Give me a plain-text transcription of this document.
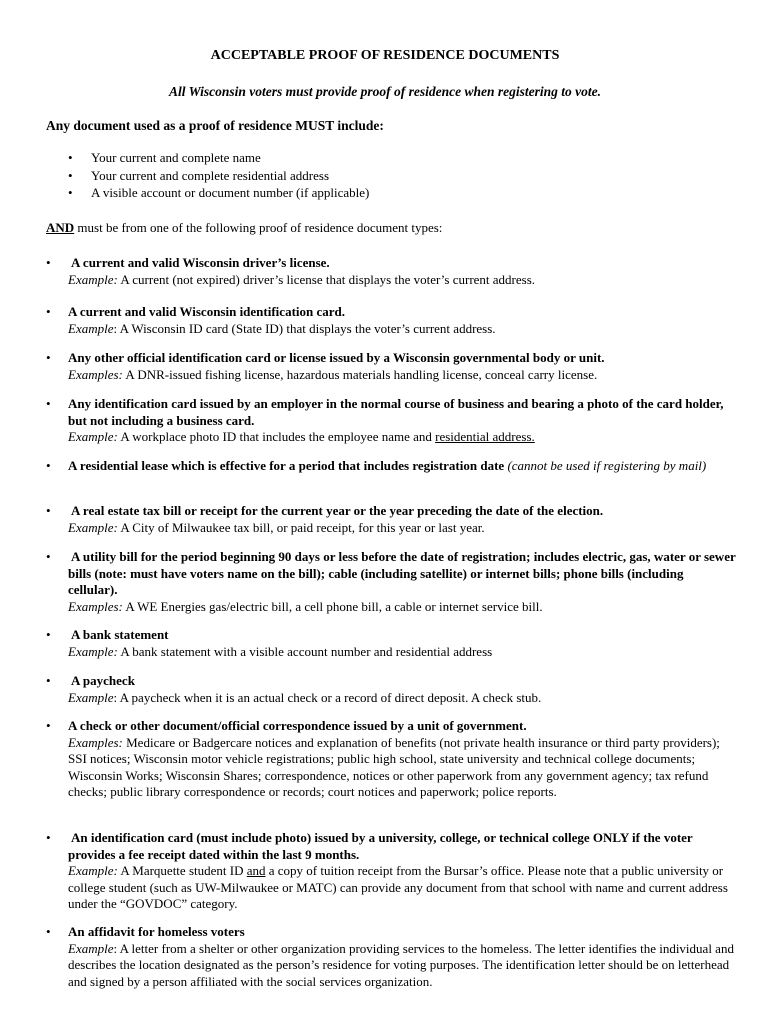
ACCEPTABLE PROOF OF RESIDENCE DOCUMENTS
All Wisconsin voters must provide proof of residence when registering to vote.
Any document used as a proof of residence MUST include:
• Your current and complete name
• Your current and complete residential address
• A visible account or document number (if applicable)
AND must be from one of the following proof of residence document types:
• A current and valid Wisconsin driver’s license.
Example: A current (not expired) driver’s license that displays the voter’s current address.
• A current and valid Wisconsin identification card.
Example: A Wisconsin ID card (State ID) that displays the voter’s current address.
• Any other official identification card or license issued by a Wisconsin governmental body or unit.
Examples: A DNR-issued fishing license, hazardous materials handling license, conceal carry license.
• Any identification card issued by an employer in the normal course of business and bearing a photo of the card holder, but not including a business card.
Example: A workplace photo ID that includes the employee name and residential address.
• A residential lease which is effective for a period that includes registration date (cannot be used if registering by mail)
• A real estate tax bill or receipt for the current year or the year preceding the date of the election.
Example: A City of Milwaukee tax bill, or paid receipt, for this year or last year.
• A utility bill for the period beginning 90 days or less before the date of registration; includes electric, gas, water or sewer bills (note: must have voters name on the bill); cable (including satellite) or internet bills; phone bills (including cellular).
Examples: A WE Energies gas/electric bill, a cell phone bill, a cable or internet service bill.
• A bank statement
Example: A bank statement with a visible account number and residential address
• A paycheck
Example: A paycheck when it is an actual check or a record of direct deposit. A check stub.
• A check or other document/official correspondence issued by a unit of government.
Examples: Medicare or Badgercare notices and explanation of benefits (not private health insurance or third party providers); SSI notices; Wisconsin motor vehicle registrations; public high school, state university and technical college documents; Wisconsin Works; Wisconsin Shares; correspondence, notices or other paperwork from any government agency; tax refund checks; public library correspondence or records; court notices and paperwork; police reports.
• An identification card (must include photo) issued by a university, college, or technical college ONLY if the voter provides a fee receipt dated within the last 9 months.
Example: A Marquette student ID and a copy of tuition receipt from the Bursar’s office. Please note that a public university or college student (such as UW-Milwaukee or MATC) can provide any document from that school with name and current address under the “GOVDOC” category.
• An affidavit for homeless voters
Example: A letter from a shelter or other organization providing services to the homeless. The letter identifies the individual and describes the location designated as the person’s residence for voting purposes. The identification letter should be on letterhead and signed by a person affiliated with the social services organization.
